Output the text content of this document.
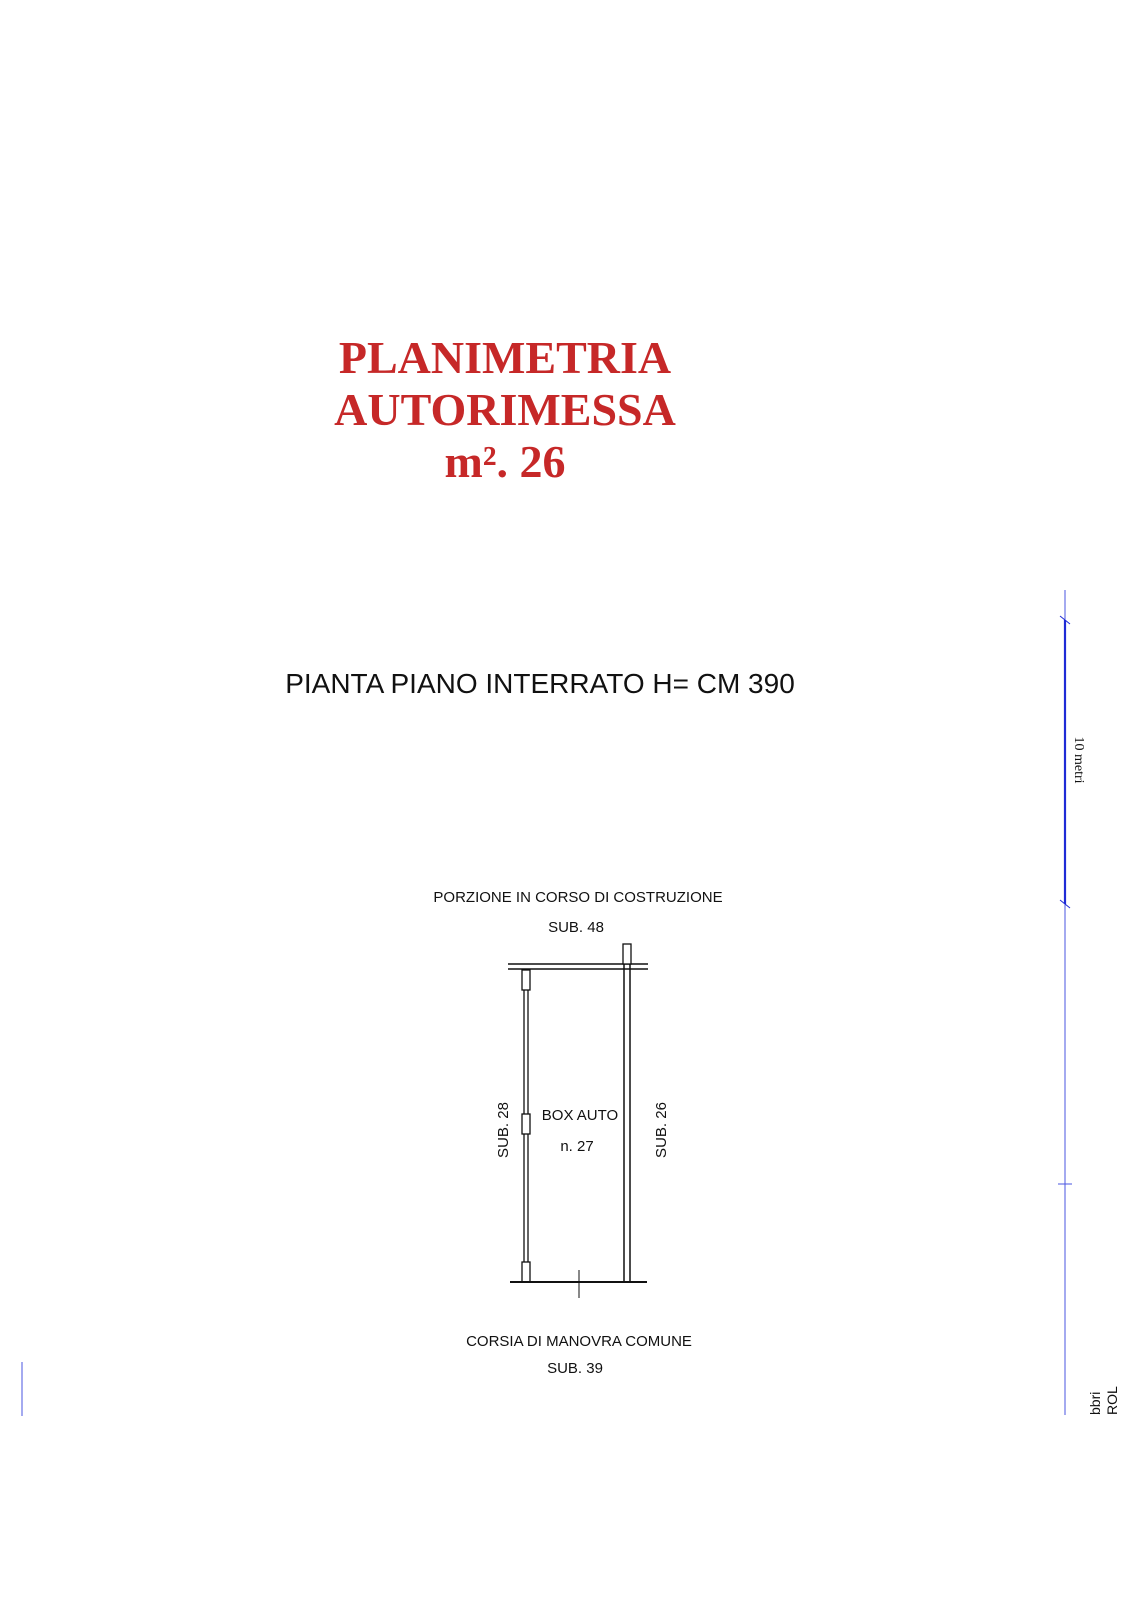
PLANIMETRIA
AUTORIMESSA
m². 26
PIANTA PIANO INTERRATO H= CM 390
PORZIONE IN CORSO DI COSTRUZIONE
SUB. 48
SUB. 28	SUB. 26
BOX AUTO
n. 27
CORSIA DI MANOVRA COMUNE
SUB. 39
10 metri
bbri ROL
